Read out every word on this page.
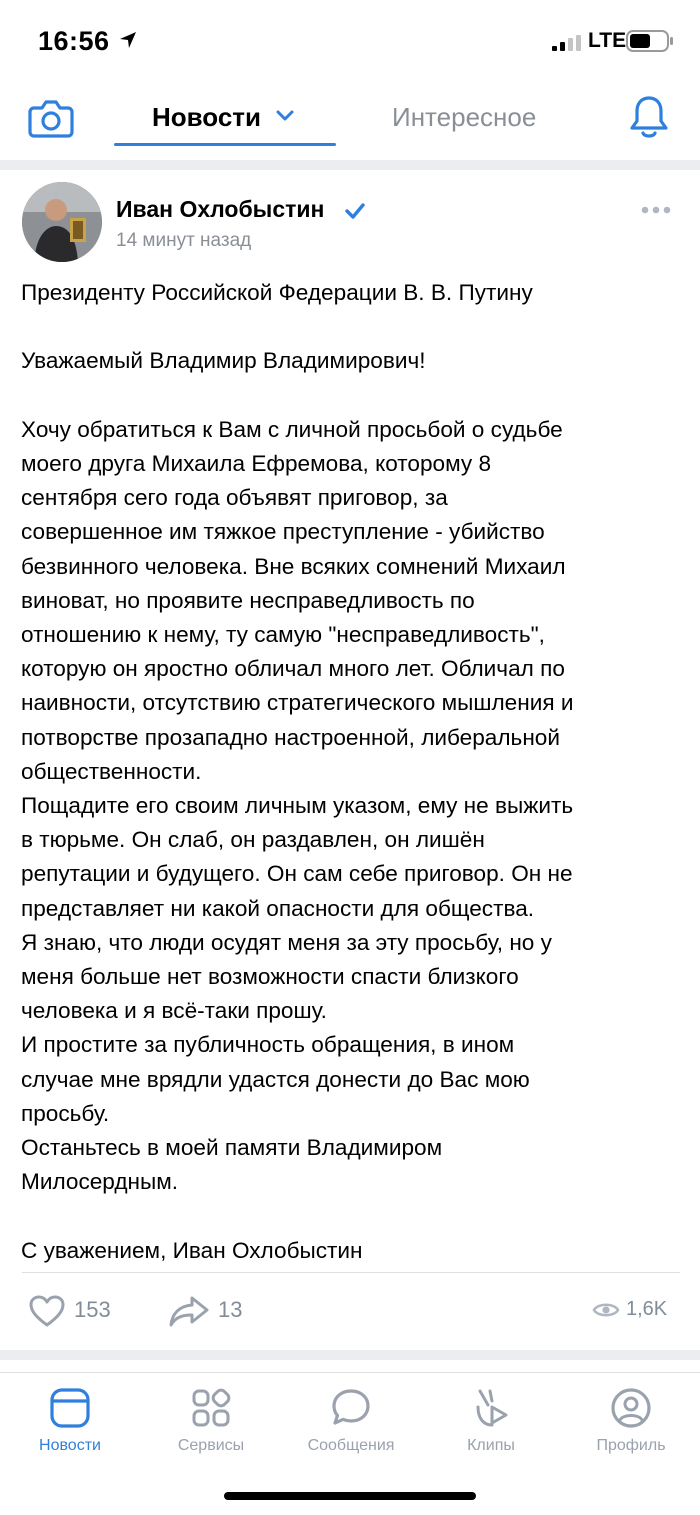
16:56	LTE
Новости	Интересное
Иван Охлобыстин
14 минут назад

Президенту Российской Федерации В. В. Путину

Уважаемый Владимир Владимирович!

Хочу обратиться к Вам с личной просьбой о судьбе

моего друга Михаила Ефремова, которому 8

сентября сего года объявят приговор, за

совершенное им тяжкое преступление - убийство

безвинного человека. Вне всяких сомнений Михаил

виноват, но проявите несправедливость по

отношению к нему, ту самую "несправедливость",

которую он яростно обличал много лет. Обличал по

наивности, отсутствию стратегического мышления и

потворстве прозападно настроенной, либеральной

общественности.

Пощадите его своим личным указом, ему не выжить

в тюрьме. Он слаб, он раздавлен, он лишён

репутации и будущего. Он сам себе приговор. Он не

представляет ни какой опасности для общества.

Я знаю, что люди осудят меня за эту просьбу, но у

меня больше нет возможности спасти близкого

человека и я всё-таки прошу.

И простите за публичность обращения, в ином

случае мне врядли удастся донести до Вас мою

просьбу.

Останьтесь в моей памяти Владимиром

Милосердным.

С уважением, Иван Охлобыстин

153	13	1,6K
Новости	Сервисы	Сообщения	Клипы	Профиль
